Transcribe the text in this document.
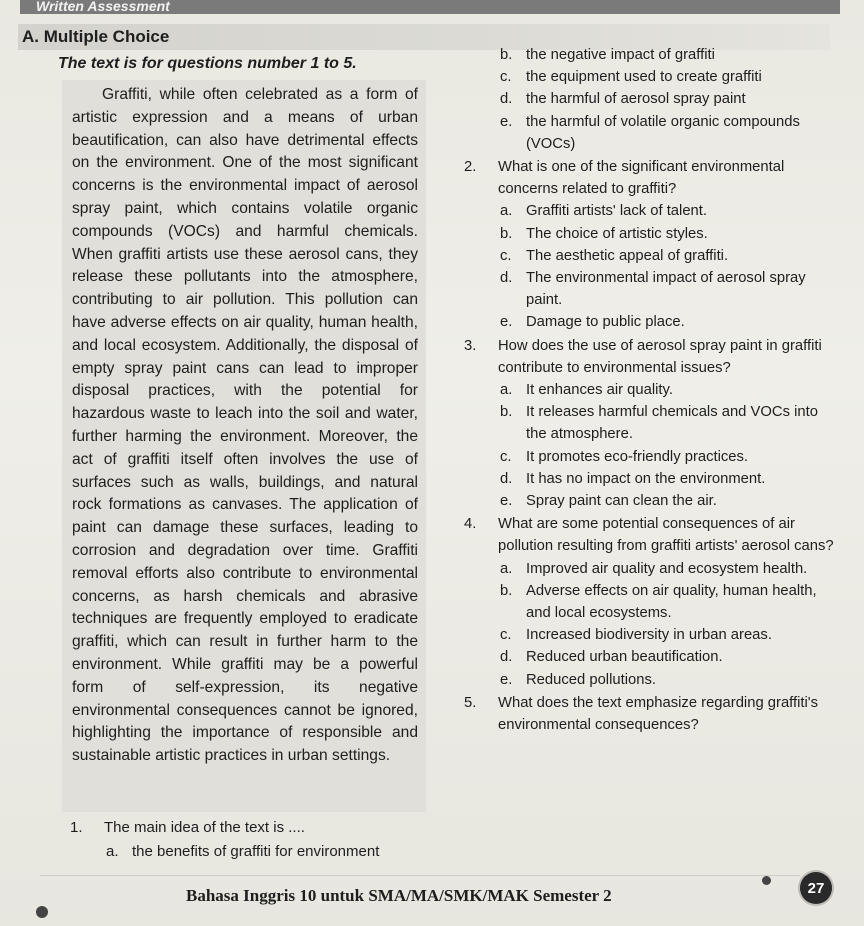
Written Assessment
A. Multiple Choice
The text is for questions number 1 to 5.
Graffiti, while often celebrated as a form of artistic expression and a means of urban beautification, can also have detrimental effects on the environment. One of the most significant concerns is the environmental impact of aerosol spray paint, which contains volatile organic compounds (VOCs) and harmful chemicals. When graffiti artists use these aerosol cans, they release these pollutants into the atmosphere, contributing to air pollution. This pollution can have adverse effects on air quality, human health, and local ecosystem. Additionally, the disposal of empty spray paint cans can lead to improper disposal practices, with the potential for hazardous waste to leach into the soil and water, further harming the environment. Moreover, the act of graffiti itself often involves the use of surfaces such as walls, buildings, and natural rock formations as canvases. The application of paint can damage these surfaces, leading to corrosion and degradation over time. Graffiti removal efforts also contribute to environmental concerns, as harsh chemicals and abrasive techniques are frequently employed to eradicate graffiti, which can result in further harm to the environment. While graffiti may be a powerful form of self-expression, its negative environmental consequences cannot be ignored, highlighting the importance of responsible and sustainable artistic practices in urban settings.
1.	The main idea of the text is ....
a. the benefits of graffiti for environment
b. the negative impact of graffiti
c. the equipment used to create graffiti
d. the harmful of aerosol spray paint
e. the harmful of volatile organic compounds (VOCs)
2.	What is one of the significant environmental concerns related to graffiti?
a. Graffiti artists' lack of talent.
b. The choice of artistic styles.
c. The aesthetic appeal of graffiti.
d. The environmental impact of aerosol spray paint.
e. Damage to public place.
3.	How does the use of aerosol spray paint in graffiti contribute to environmental issues?
a. It enhances air quality.
b. It releases harmful chemicals and VOCs into the atmosphere.
c. It promotes eco-friendly practices.
d. It has no impact on the environment.
e. Spray paint can clean the air.
4.	What are some potential consequences of air pollution resulting from graffiti artists' aerosol cans?
a. Improved air quality and ecosystem health.
b. Adverse effects on air quality, human health, and local ecosystems.
c. Increased biodiversity in urban areas.
d. Reduced urban beautification.
e. Reduced pollutions.
5.	What does the text emphasize regarding graffiti's environmental consequences?
Bahasa Inggris 10 untuk SMA/MA/SMK/MAK Semester 2	27
